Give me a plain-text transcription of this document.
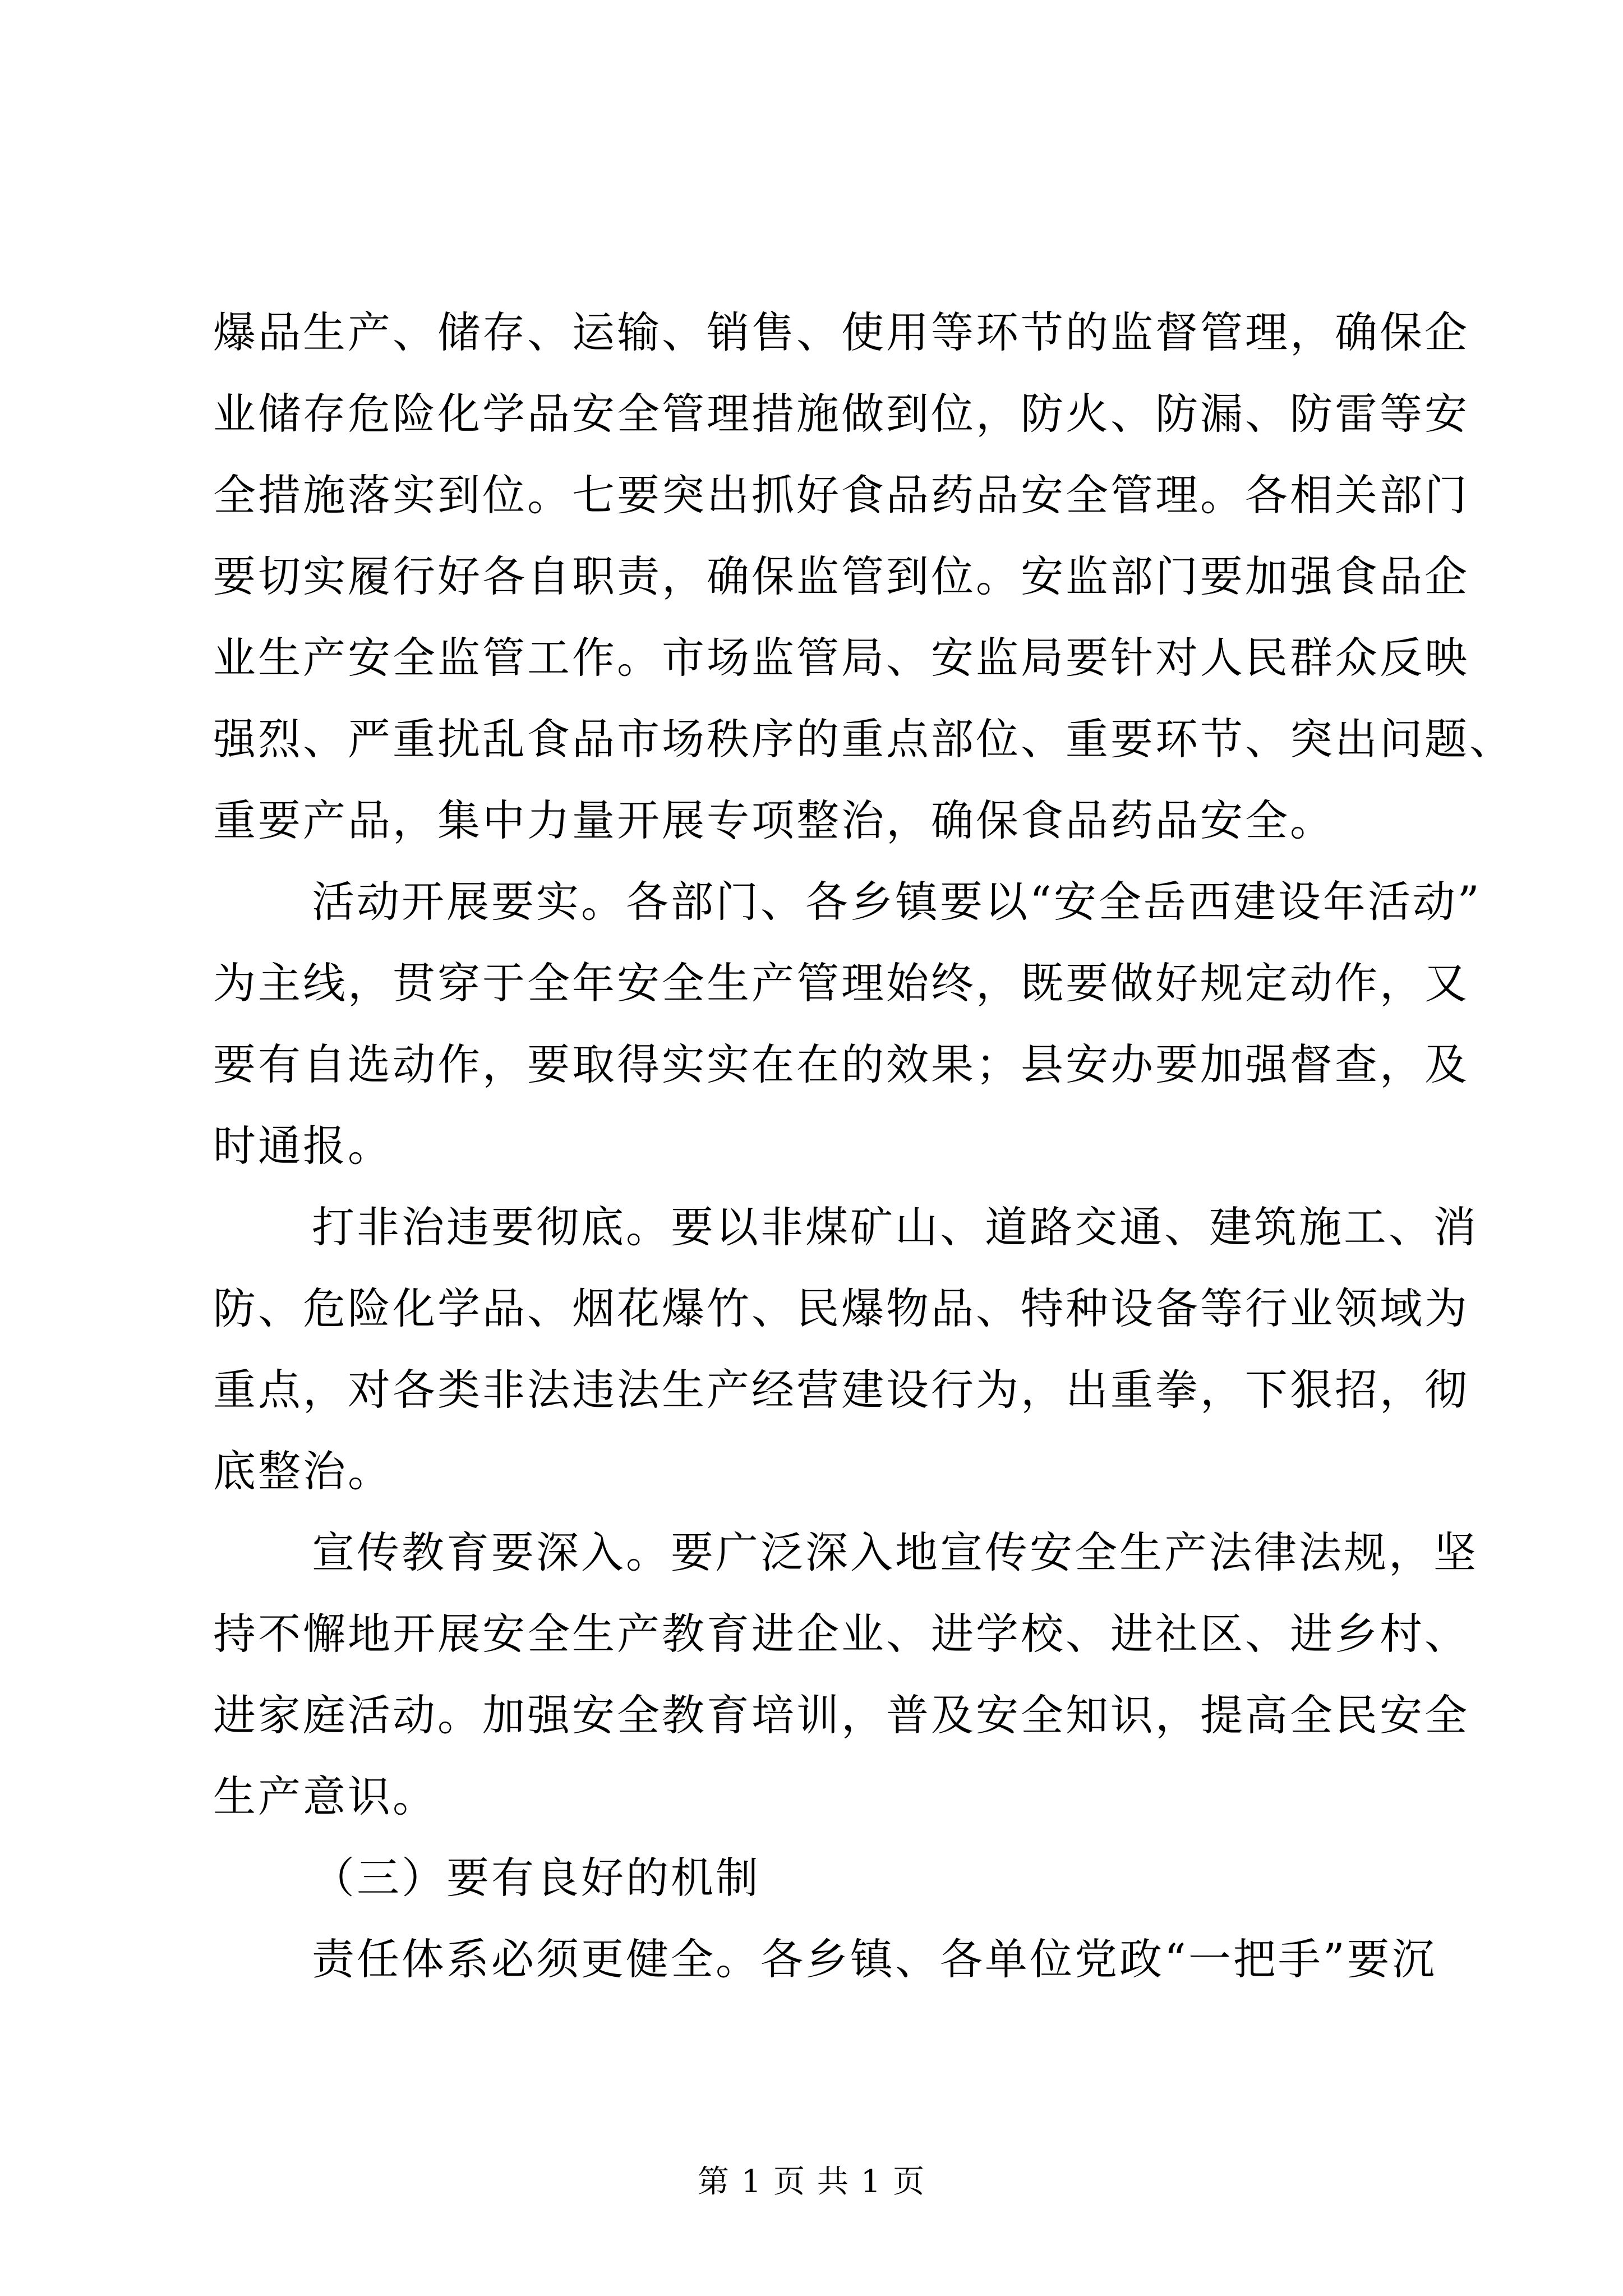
爆品生产、储存、运输、销售、使用等环节的监督管理，确保企
业储存危险化学品安全管理措施做到位，防火、防漏、防雷等安
全措施落实到位。七要突出抓好食品药品安全管理。各相关部门
要切实履行好各自职责，确保监管到位。安监部门要加强食品企
业生产安全监管工作。市场监管局、安监局要针对人民群众反映
强烈、严重扰乱食品市场秩序的重点部位、重要环节、突出问题、
重要产品，集中力量开展专项整治，确保食品药品安全。
活动开展要实。各部门、各乡镇要以“安全岳西建设年活动”
为主线，贯穿于全年安全生产管理始终，既要做好规定动作，又
要有自选动作，要取得实实在在的效果；县安办要加强督查，及
时通报。
打非治违要彻底。要以非煤矿山、道路交通、建筑施工、消
防、危险化学品、烟花爆竹、民爆物品、特种设备等行业领域为
重点，对各类非法违法生产经营建设行为，出重拳，下狠招，彻
底整治。
宣传教育要深入。要广泛深入地宣传安全生产法律法规，坚
持不懈地开展安全生产教育进企业、进学校、进社区、进乡村、
进家庭活动。加强安全教育培训，普及安全知识，提高全民安全
生产意识。
（三）要有良好的机制
责任体系必须更健全。各乡镇、各单位党政“一把手”要沉
第 1 页 共 1 页
